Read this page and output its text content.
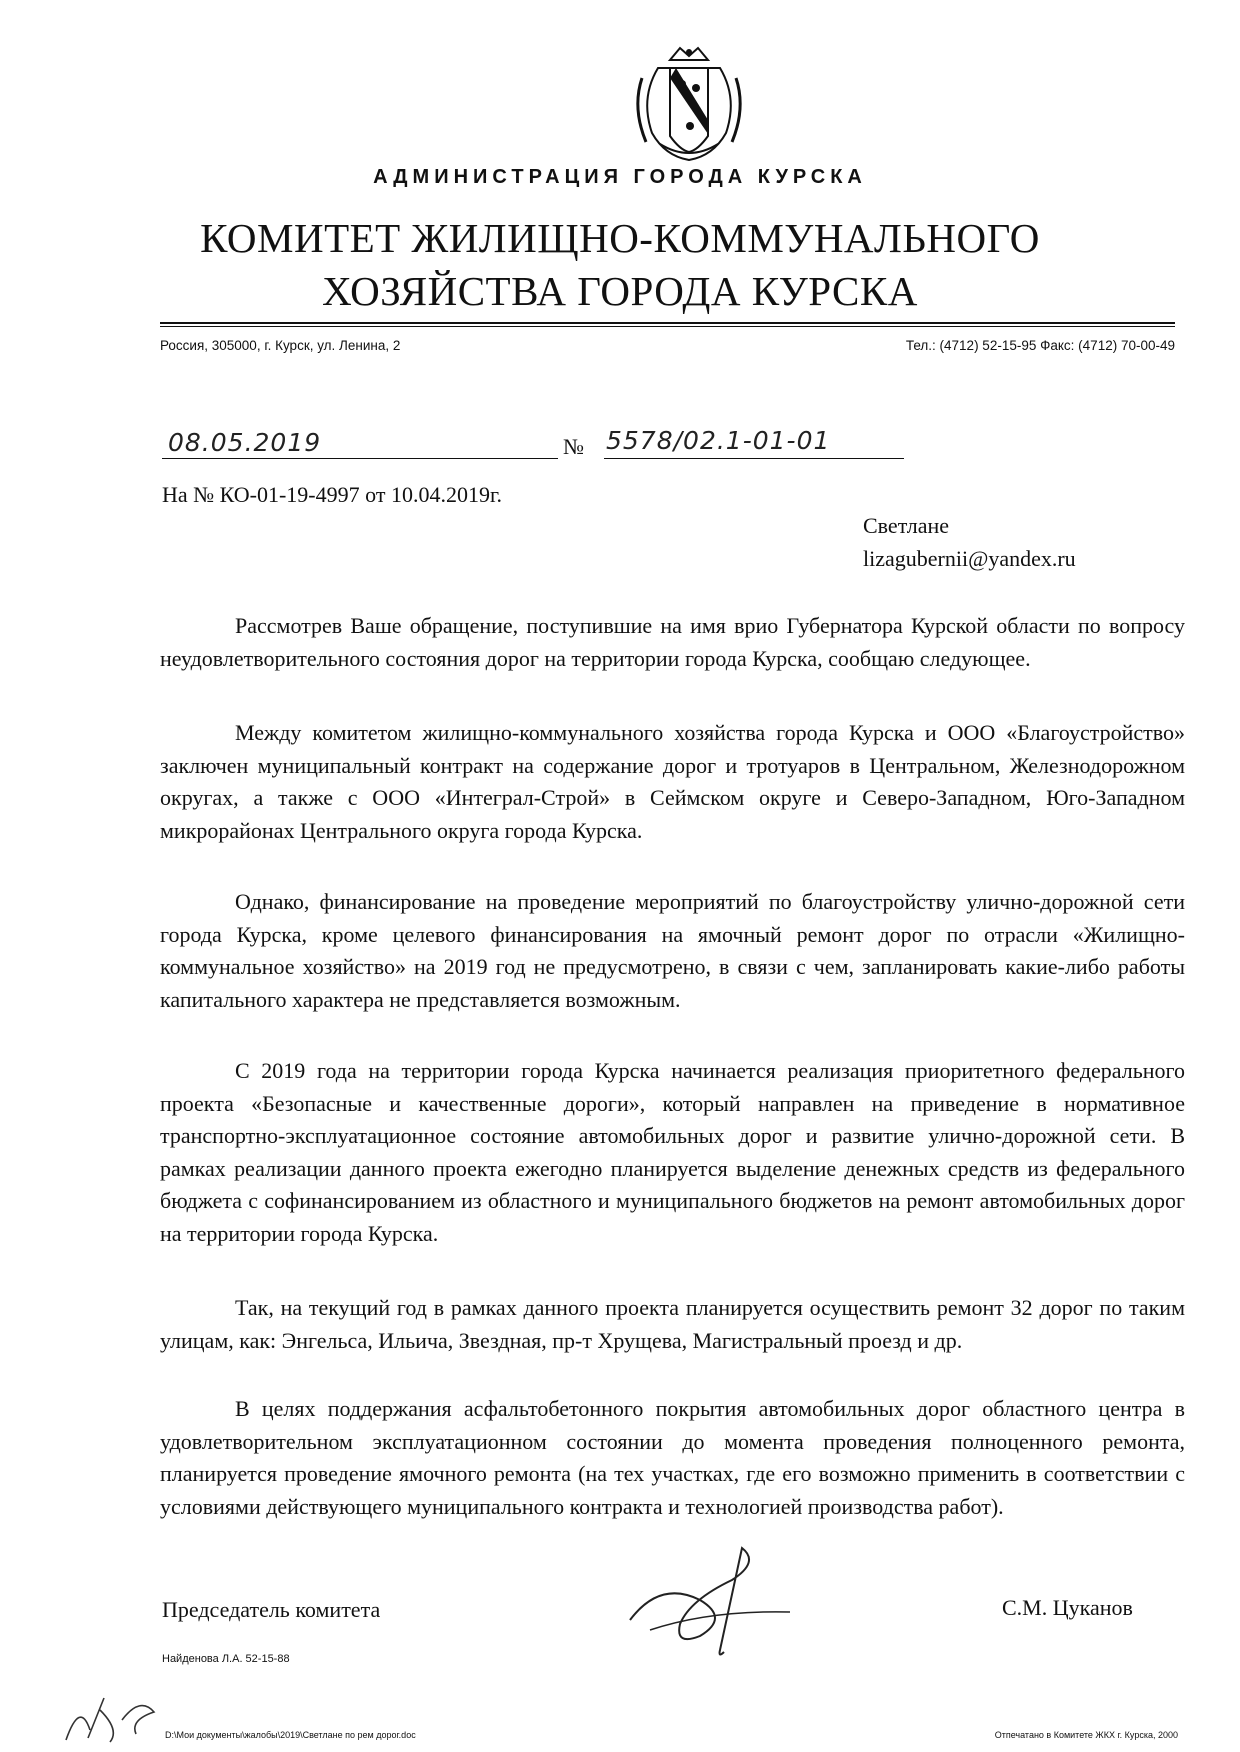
АДМИНИСТРАЦИЯ ГОРОДА КУРСКА
КОМИТЕТ ЖИЛИЩНО-КОММУНАЛЬНОГО
ХОЗЯЙСТВА ГОРОДА КУРСКА
Россия, 305000, г. Курск, ул. Ленина, 2	Тел.: (4712) 52-15-95 Факс: (4712) 70-00-49
08.05.2019	№ 5578/02.1-01-01
На № КО-01-19-4997 от 10.04.2019г.
Светлане
lizagubernii@yandex.ru

Рассмотрев Ваше обращение, поступившие на имя врио Губернатора Курской области по вопросу неудовлетворительного состояния дорог на территории города Курска, сообщаю следующее.

Между комитетом жилищно-коммунального хозяйства города Курска и ООО «Благоустройство» заключен муниципальный контракт на содержание дорог и тротуаров в Центральном, Железнодорожном округах, а также с ООО «Интеграл-Строй» в Сеймском округе и Северо-Западном, Юго-Западном микрорайонах Центрального округа города Курска.

Однако, финансирование на проведение мероприятий по благоустройству улично-дорожной сети города Курска, кроме целевого финансирования на ямочный ремонт дорог по отрасли «Жилищно-коммунальное хозяйство» на 2019 год не предусмотрено, в связи с чем, запланировать какие-либо работы капитального характера не представляется возможным.

С 2019 года на территории города Курска начинается реализация приоритетного федерального проекта «Безопасные и качественные дороги», который направлен на приведение в нормативное транспортно-эксплуатационное состояние автомобильных дорог и развитие улично-дорожной сети. В рамках реализации данного проекта ежегодно планируется выделение денежных средств из федерального бюджета с софинансированием из областного и муниципального бюджетов на ремонт автомобильных дорог на территории города Курска.

Так, на текущий год в рамках данного проекта планируется осуществить ремонт 32 дорог по таким улицам, как: Энгельса, Ильича, Звездная, пр-т Хрущева, Магистральный проезд и др.

В целях поддержания асфальтобетонного покрытия автомобильных дорог областного центра в удовлетворительном эксплуатационном состоянии до момента проведения полноценного ремонта, планируется проведение ямочного ремонта (на тех участках, где его возможно применить в соответствии с условиями действующего муниципального контракта и технологией производства работ).

Председатель комитета	С.М. Цуканов
Найденова Л.А. 52-15-88
D:\Мои документы\жалобы\2019\Светлане по рем дорог.doc	Отпечатано в Комитете ЖКХ г. Курска, 2000
